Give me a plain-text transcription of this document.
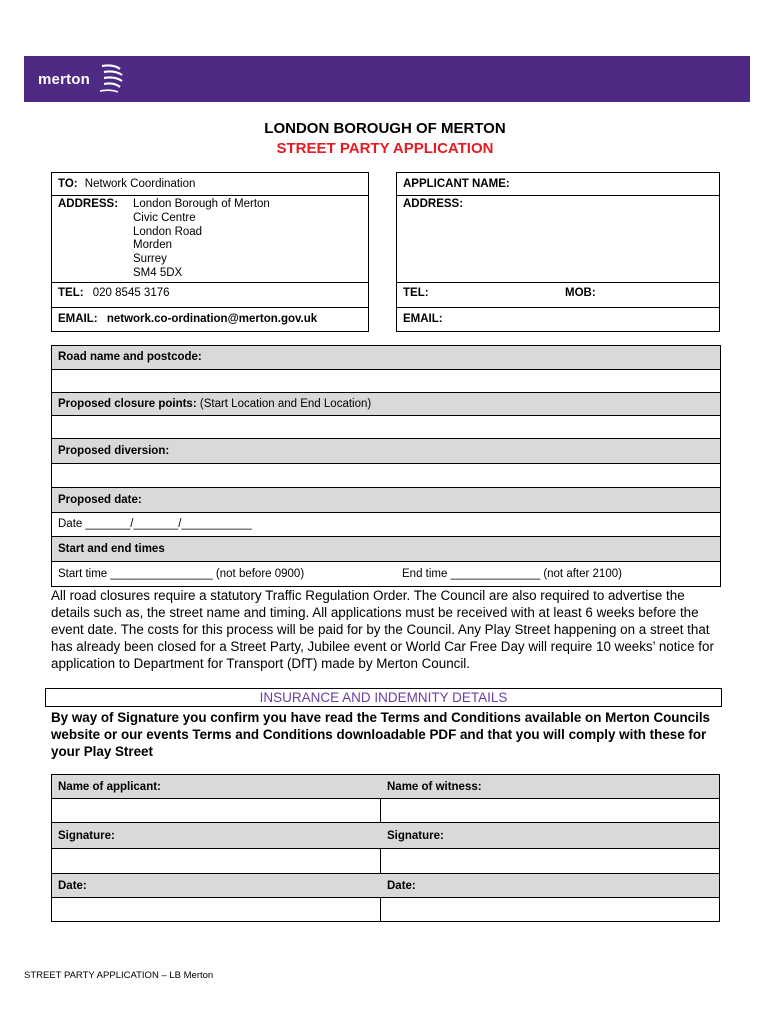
merton
LONDON BOROUGH OF MERTON
STREET PARTY APPLICATION
TO: Network Coordination
ADDRESS: London Borough of Merton
Civic Centre
London Road
Morden
Surrey
SM4 5DX
TEL: 020 8545 3176
EMAIL: network.co-ordination@merton.gov.uk
APPLICANT NAME:
ADDRESS:
TEL:	MOB:
EMAIL:
Road name and postcode:
Proposed closure points: (Start Location and End Location)
Proposed diversion:
Proposed date:
Date _______/_______/___________
Start and end times
Start time ________________ (not before 0900)	End time ______________ (not after 2100)
All road closures require a statutory Traffic Regulation Order. The Council are also required to advertise the details such as, the street name and timing. All applications must be received with at least 6 weeks before the event date. The costs for this process will be paid for by the Council. Any Play Street happening on a street that has already been closed for a Street Party, Jubilee event or World Car Free Day will require 10 weeks’ notice for application to Department for Transport (DfT) made by Merton Council.
INSURANCE AND INDEMNITY DETAILS
By way of Signature you confirm you have read the Terms and Conditions available on Merton Councils website or our events Terms and Conditions downloadable PDF and that you will comply with these for your Play Street
Name of applicant:	Name of witness:
Signature:	Signature:
Date:	Date:
STREET PARTY APPLICATION – LB Merton
